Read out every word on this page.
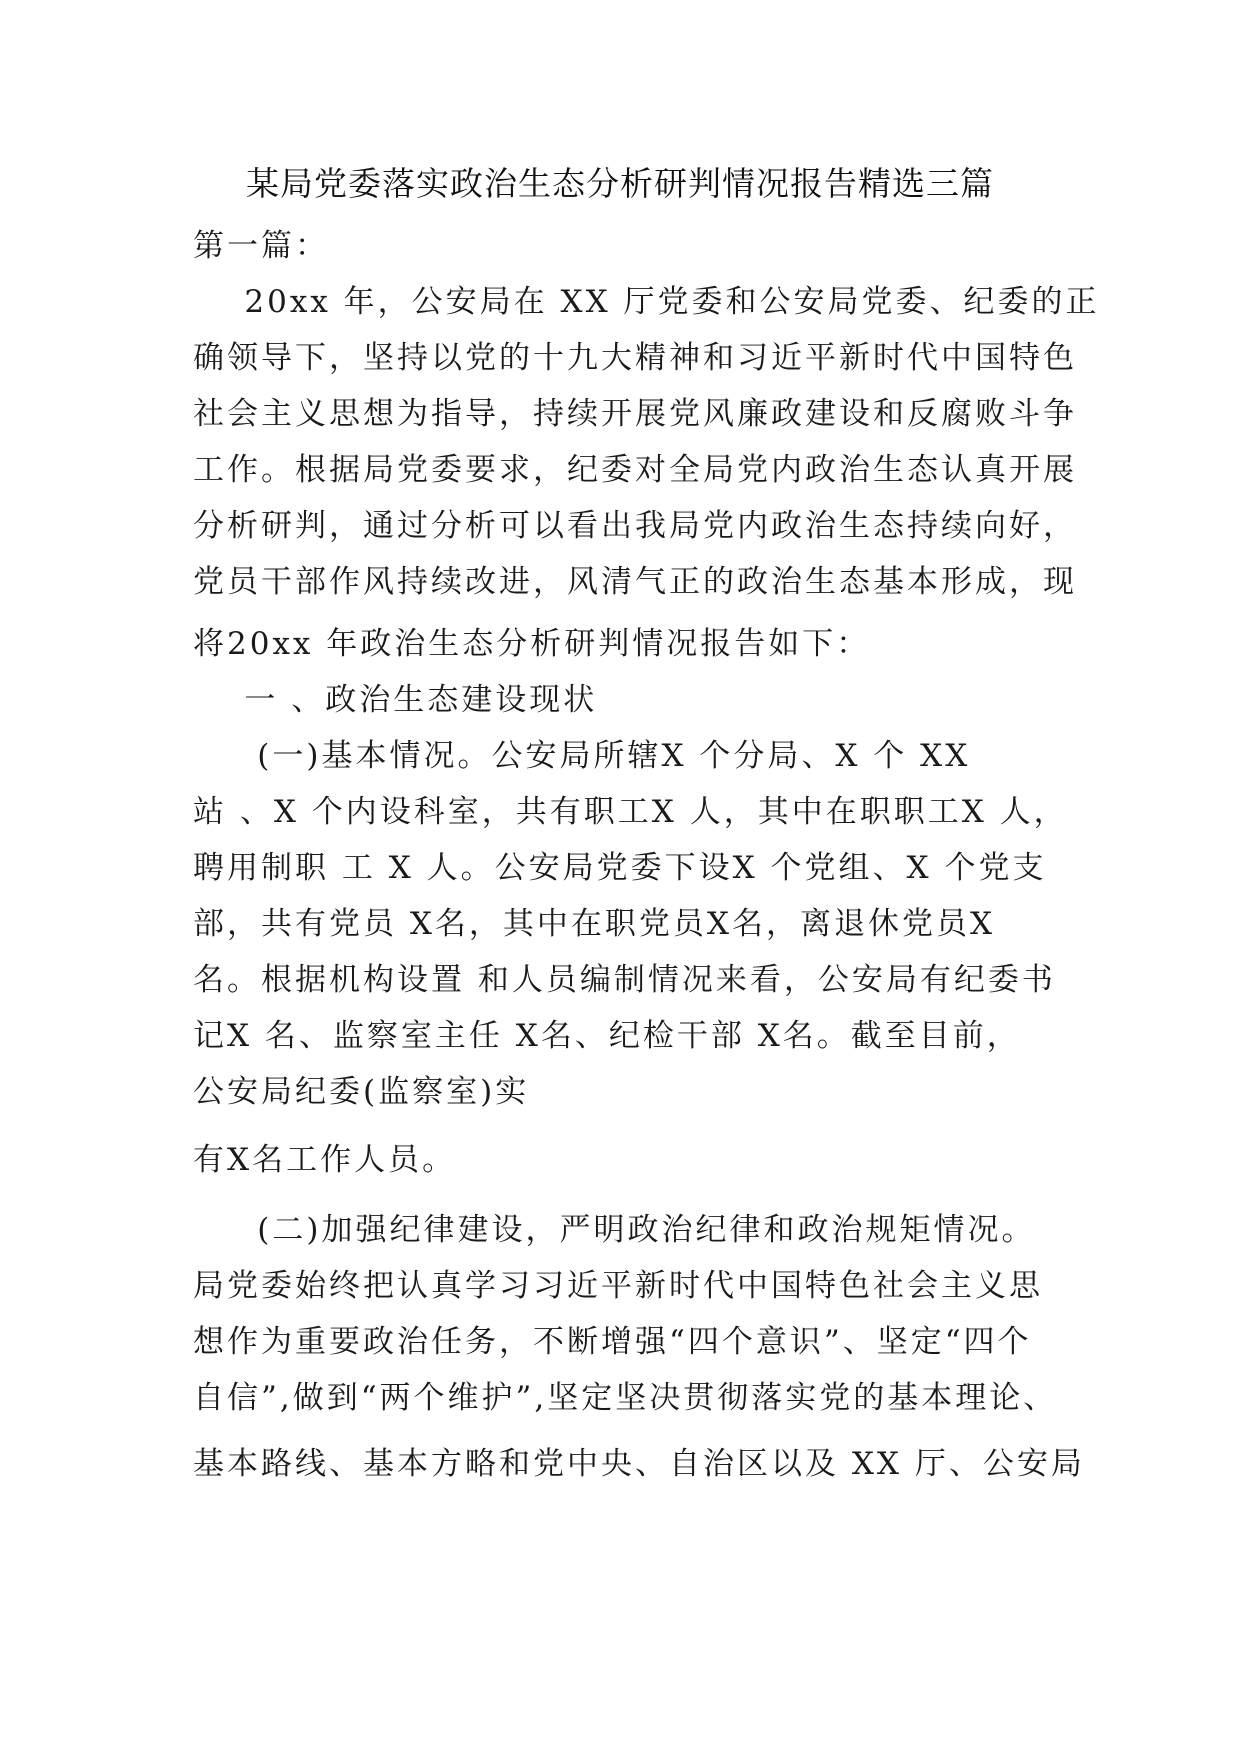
某局党委落实政治生态分析研判情况报告精选三篇
第一篇：
20xx 年，公安局在 XX 厅党委和公安局党委、纪委的正
确领导下，坚持以党的十九大精神和习近平新时代中国特色
社会主义思想为指导，持续开展党风廉政建设和反腐败斗争
工作。根据局党委要求，纪委对全局党内政治生态认真开展
分析研判，通过分析可以看出我局党内政治生态持续向好，
党员干部作风持续改进，风清气正的政治生态基本形成，现
将20xx 年政治生态分析研判情况报告如下：
一 、政治生态建设现状
(一)基本情况。公安局所辖X 个分局、X 个 XX
站 、X 个内设科室，共有职工X 人，其中在职职工X 人，
聘用制职 工 X 人。公安局党委下设X 个党组、X 个党支
部，共有党员 X名，其中在职党员X名，离退休党员X
名。根据机构设置 和人员编制情况来看，公安局有纪委书
记X 名、监察室主任 X名、纪检干部 X名。截至目前，
公安局纪委(监察室)实
有X名工作人员。
(二)加强纪律建设，严明政治纪律和政治规矩情况。
局党委始终把认真学习习近平新时代中国特色社会主义思
想作为重要政治任务，不断增强“四个意识”、坚定“四个
自信”,做到“两个维护”,坚定坚决贯彻落实党的基本理论、
基本路线、基本方略和党中央、自治区以及 XX 厅、公安局
